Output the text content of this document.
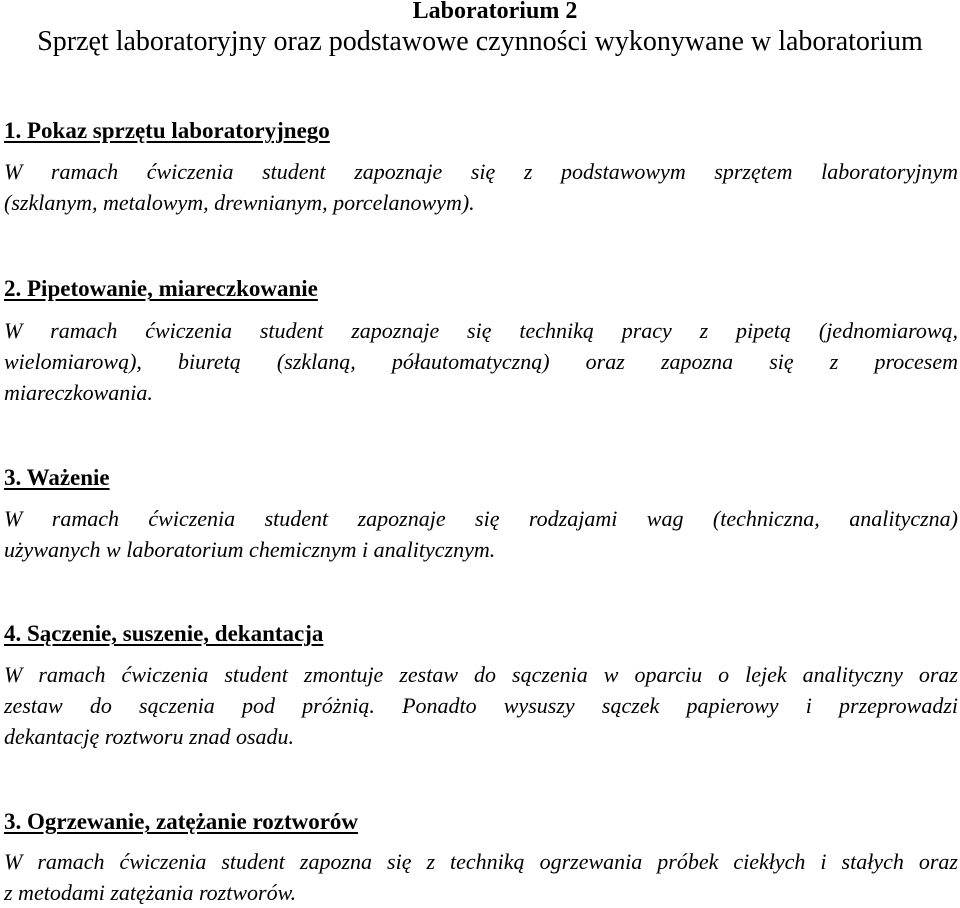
Laboratorium 2
Sprzęt laboratoryjny oraz podstawowe czynności wykonywane w laboratorium
1. Pokaz sprzętu laboratoryjnego
W ramach ćwiczenia student zapoznaje się z podstawowym sprzętem laboratoryjnym
(szklanym, metalowym, drewnianym, porcelanowym).
2. Pipetowanie, miareczkowanie
W ramach ćwiczenia student zapoznaje się techniką pracy z pipetą (jednomiarową,
wielomiarową), biuretą (szklaną, półautomatyczną) oraz zapozna się z procesem
miareczkowania.
3. Ważenie
W ramach ćwiczenia student zapoznaje się rodzajami wag (techniczna, analityczna)
używanych w laboratorium chemicznym i analitycznym.
4. Sączenie, suszenie, dekantacja
W ramach ćwiczenia student zmontuje zestaw do sączenia w oparciu o lejek analityczny oraz
zestaw do sączenia pod próżnią. Ponadto wysuszy sączek papierowy i przeprowadzi
dekantację roztworu znad osadu.
3. Ogrzewanie, zatężanie roztworów
W ramach ćwiczenia student zapozna się z techniką ogrzewania próbek ciekłych i stałych oraz
z metodami zatężania roztworów.
